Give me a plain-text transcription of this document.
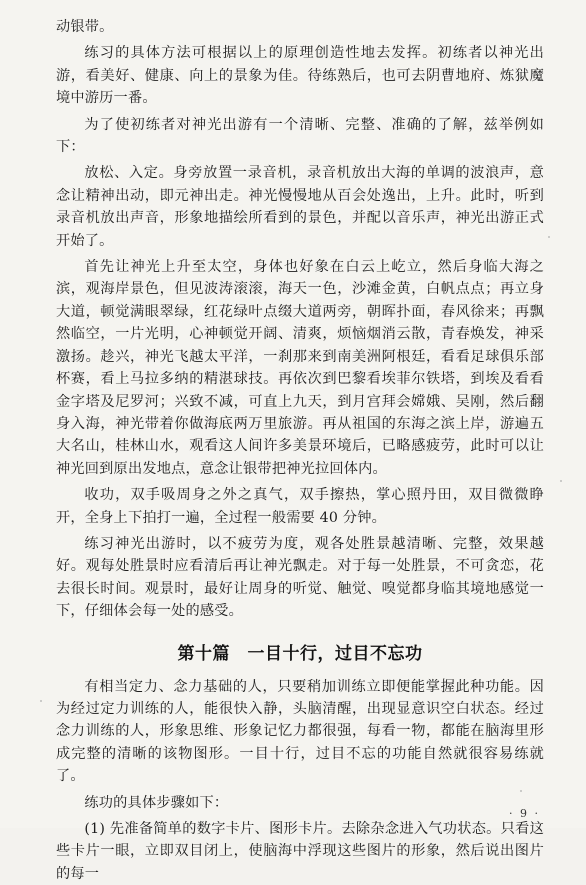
动银带。

练习的具体方法可根据以上的原理创造性地去发挥。初练者以神光出游，看美好、健康、向上的景象为佳。待练熟后，也可去阴曹地府、炼狱魔境中游历一番。

为了使初练者对神光出游有一个清晰、完整、准确的了解，兹举例如下：

放松、入定。身旁放置一录音机，录音机放出大海的单调的波浪声，意念让精神出动，即元神出走。神光慢慢地从百会处逸出，上升。此时，听到录音机放出声音，形象地描绘所看到的景色，并配以音乐声，神光出游正式开始了。

首先让神光上升至太空，身体也好象在白云上屹立，然后身临大海之滨，观海岸景色，但见波涛滚滚，海天一色，沙滩金黄，白帆点点；再立身大道，顿觉满眼翠绿，红花绿叶点缀大道两旁，朝晖扑面，春风徐来；再飘然临空，一片光明，心神顿觉开阔、清爽，烦恼烟消云散，青春焕发，神采激扬。趁兴，神光飞越太平洋，一刹那来到南美洲阿根廷，看看足球俱乐部杯赛，看上马拉多纳的精湛球技。再依次到巴黎看埃菲尔铁塔，到埃及看看金字塔及尼罗河；兴致不减，可直上九天，到月宫拜会嫦娥、吴刚，然后翻身入海，神光带着你做海底两万里旅游。再从祖国的东海之滨上岸，游遍五大名山，桂林山水，观看这人间许多美景环境后，已略感疲劳，此时可以让神光回到原出发地点，意念让银带把神光拉回体内。

收功，双手吸周身之外之真气，双手擦热，掌心照丹田，双目微微睁开，全身上下拍打一遍，全过程一般需要 40 分钟。

练习神光出游时，以不疲劳为度，观各处胜景越清晰、完整，效果越好。观每处胜景时应看清后再让神光飘走。对于每一处胜景，不可贪恋，花去很长时间。观景时，最好让周身的听觉、触觉、嗅觉都身临其境地感觉一下，仔细体会每一处的感受。

第十篇　一目十行，过目不忘功

有相当定力、念力基础的人，只要稍加训练立即便能掌握此种功能。因为经过定力训练的人，能很快入静，头脑清醒，出现显意识空白状态。经过念力训练的人，形象思维、形象记忆力都很强，每看一物，都能在脑海里形成完整的清晰的该物图形。一目十行，过目不忘的功能自然就很容易练就了。

练功的具体步骤如下：

(1) 先准备简单的数字卡片、图形卡片。去除杂念进入气功状态。只看这些卡片一眼，立即双目闭上，使脑海中浮现这些图片的形象，然后说出图片的每一

· 9 ·
